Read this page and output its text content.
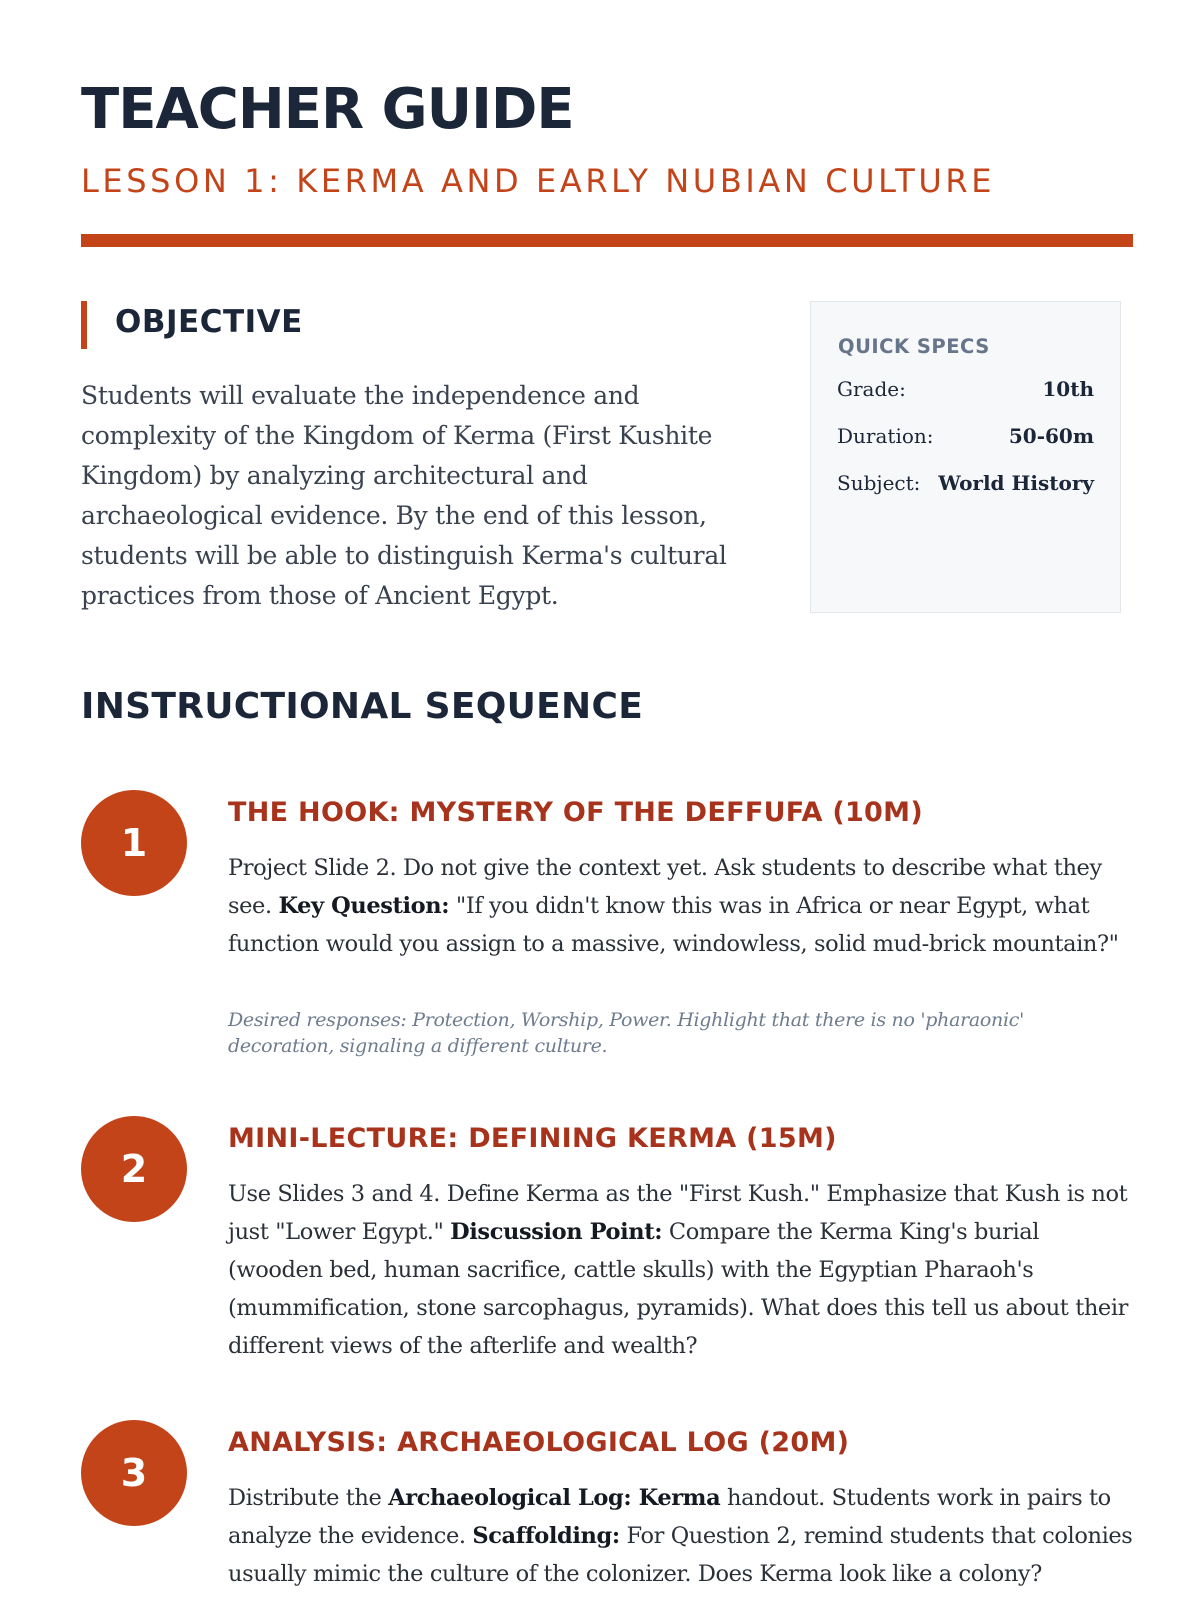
TEACHER GUIDE
LESSON 1: KERMA AND EARLY NUBIAN CULTURE
OBJECTIVE
Students will evaluate the independence and complexity of the Kingdom of Kerma (First Kushite Kingdom) by analyzing architectural and archaeological evidence. By the end of this lesson, students will be able to distinguish Kerma's cultural practices from those of Ancient Egypt.
QUICK SPECS
Grade:	10th
Duration:	50-60m
Subject: World History
INSTRUCTIONAL SEQUENCE
1
THE HOOK: MYSTERY OF THE DEFFUFA (10M)
Project Slide 2. Do not give the context yet. Ask students to describe what they see. Key Question: "If you didn't know this was in Africa or near Egypt, what function would you assign to a massive, windowless, solid mud-brick mountain?"
Desired responses: Protection, Worship, Power. Highlight that there is no 'pharaonic' decoration, signaling a different culture.
2
MINI-LECTURE: DEFINING KERMA (15M)
Use Slides 3 and 4. Define Kerma as the "First Kush." Emphasize that Kush is not just "Lower Egypt." Discussion Point: Compare the Kerma King's burial (wooden bed, human sacrifice, cattle skulls) with the Egyptian Pharaoh's (mummification, stone sarcophagus, pyramids). What does this tell us about their different views of the afterlife and wealth?
3
ANALYSIS: ARCHAEOLOGICAL LOG (20M)
Distribute the Archaeological Log: Kerma handout. Students work in pairs to analyze the evidence. Scaffolding: For Question 2, remind students that colonies usually mimic the culture of the colonizer. Does Kerma look like a colony?
